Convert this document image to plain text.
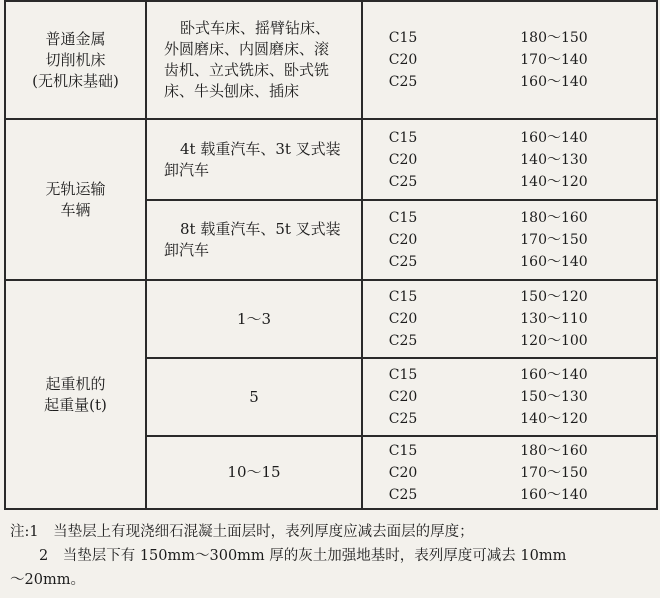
普通金属
切削机床
(无机床基础)
卧式车床、摇臂钻床、
外圆磨床、内圆磨床、滚
齿机、立式铣床、卧式铣
床、牛头刨床、插床
C15
C20
C25
180～150
170～140
160～140
无轨运输
车辆
4t 载重汽车、3t 叉式装
卸汽车
C15
C20
C25
160～140
140～130
140～120
8t 载重汽车、5t 叉式装
卸汽车
C15
C20
C25
180～160
170～150
160～140
起重机的
起重量(t)
1～3
C15
C20
C25
150～120
130～110
120～100
5
C15
C20
C25
160～140
150～130
140～120
10～15
C15
C20
C25
180～160
170～150
160～140
注:1　当垫层上有现浇细石混凝土面层时，表列厚度应减去面层的厚度；
　　2　当垫层下有 150mm～300mm 厚的灰土加强地基时，表列厚度可减去 10mm
～20mm。
